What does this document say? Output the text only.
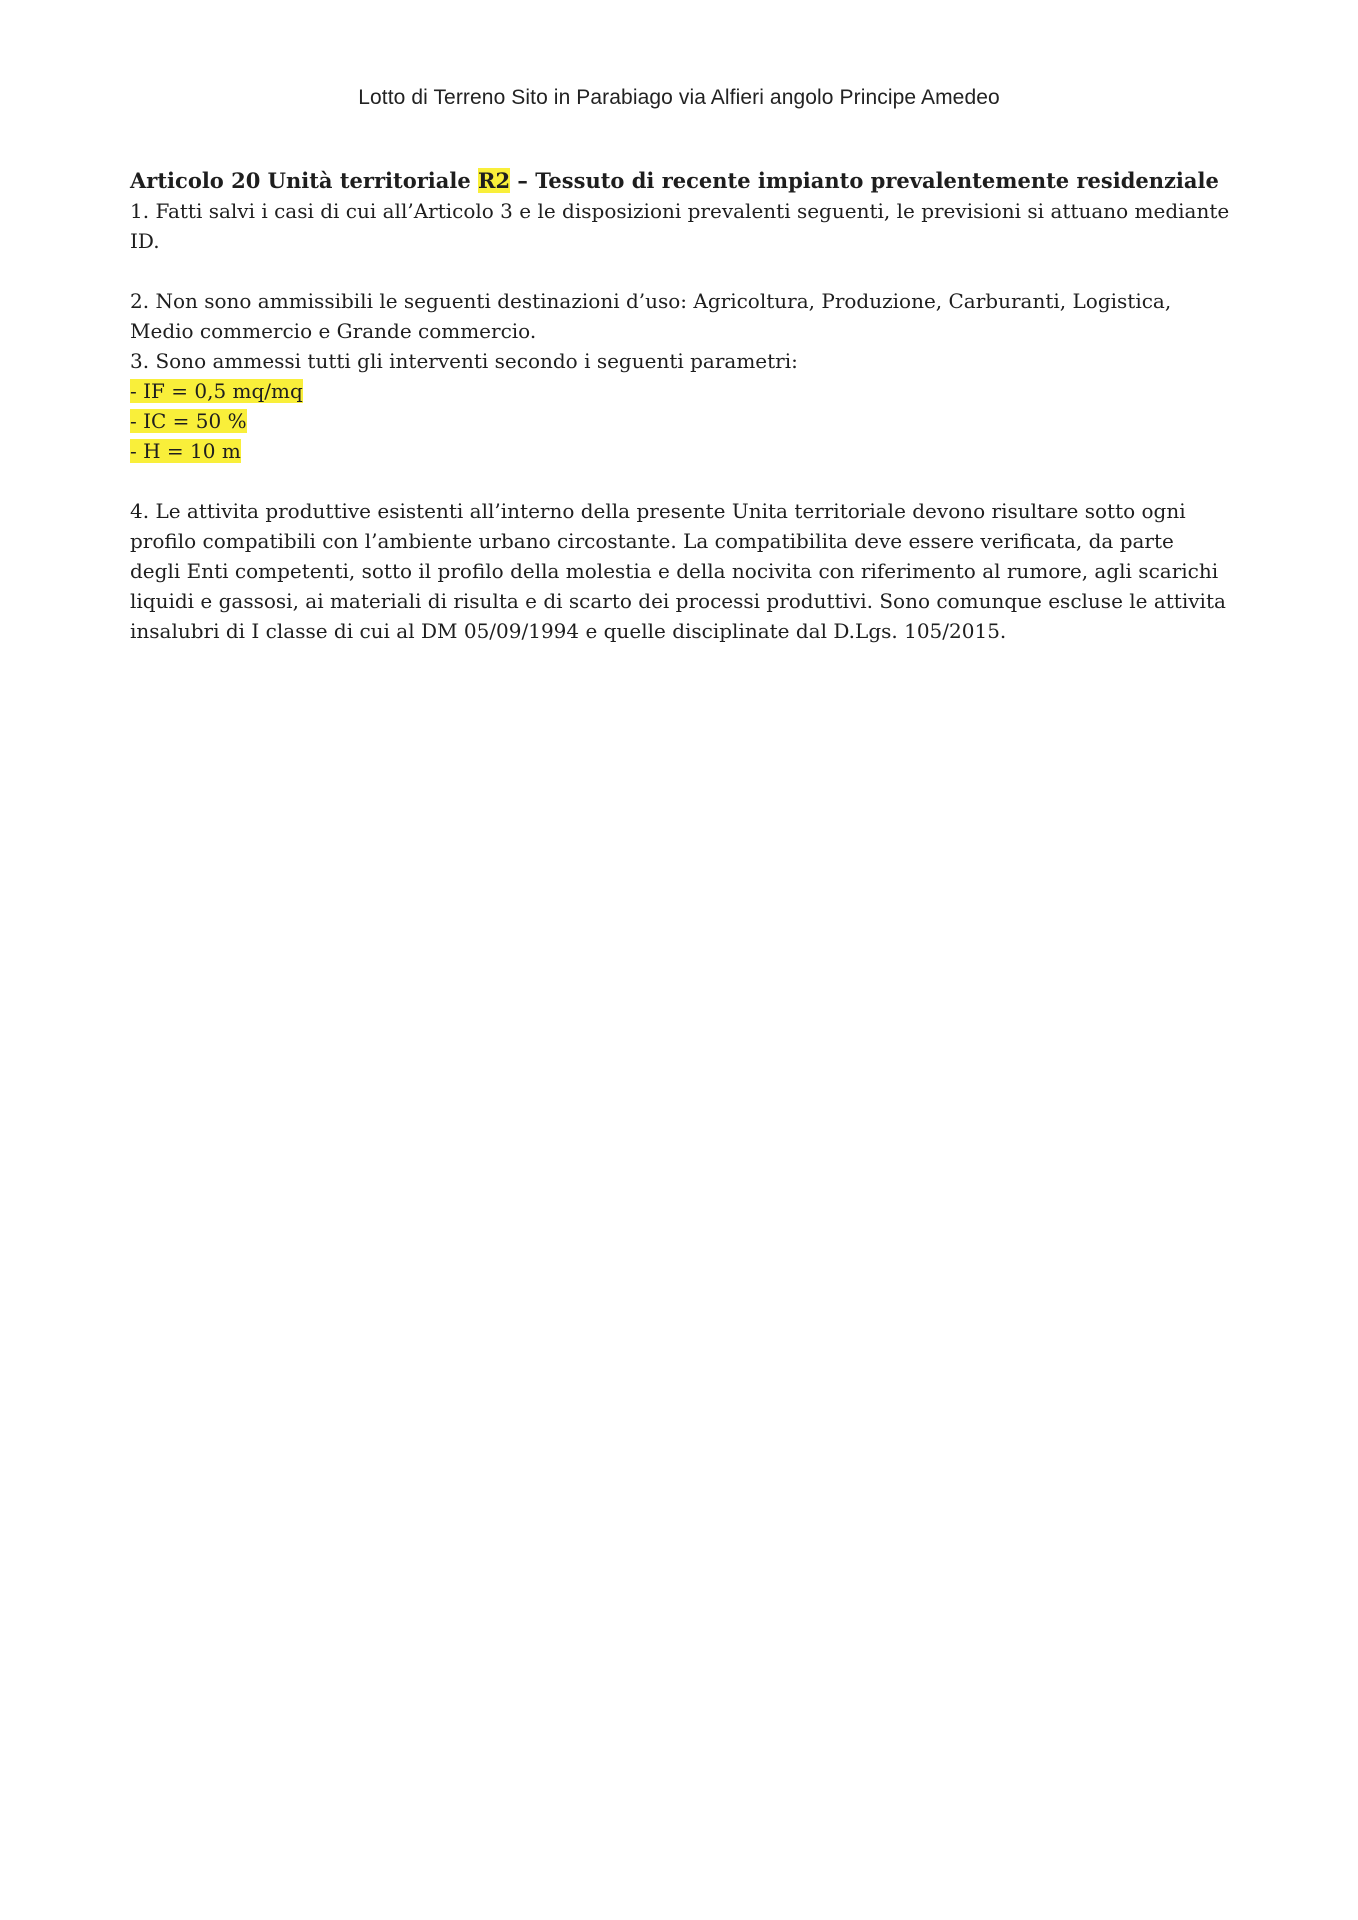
Lotto di Terreno Sito in Parabiago via Alfieri angolo Principe Amedeo
Articolo 20 Unità territoriale R2 – Tessuto di recente impianto prevalentemente residenziale

1. Fatti salvi i casi di cui all’Articolo 3 e le disposizioni prevalenti seguenti, le previsioni si attuano mediante ID.

2. Non sono ammissibili le seguenti destinazioni d’uso: Agricoltura, Produzione, Carburanti, Logistica, Medio commercio e Grande commercio.

3. Sono ammessi tutti gli interventi secondo i seguenti parametri:

- IF = 0,5 mq/mq
- IC = 50 %
- H = 10 m

4. Le attivita produttive esistenti all’interno della presente Unita territoriale devono risultare sotto ogni profilo compatibili con l’ambiente urbano circostante. La compatibilita deve essere verificata, da parte degli Enti competenti, sotto il profilo della molestia e della nocivita con riferimento al rumore, agli scarichi liquidi e gassosi, ai materiali di risulta e di scarto dei processi produttivi. Sono comunque escluse le attivita insalubri di I classe di cui al DM 05/09/1994 e quelle disciplinate dal D.Lgs. 105/2015.
